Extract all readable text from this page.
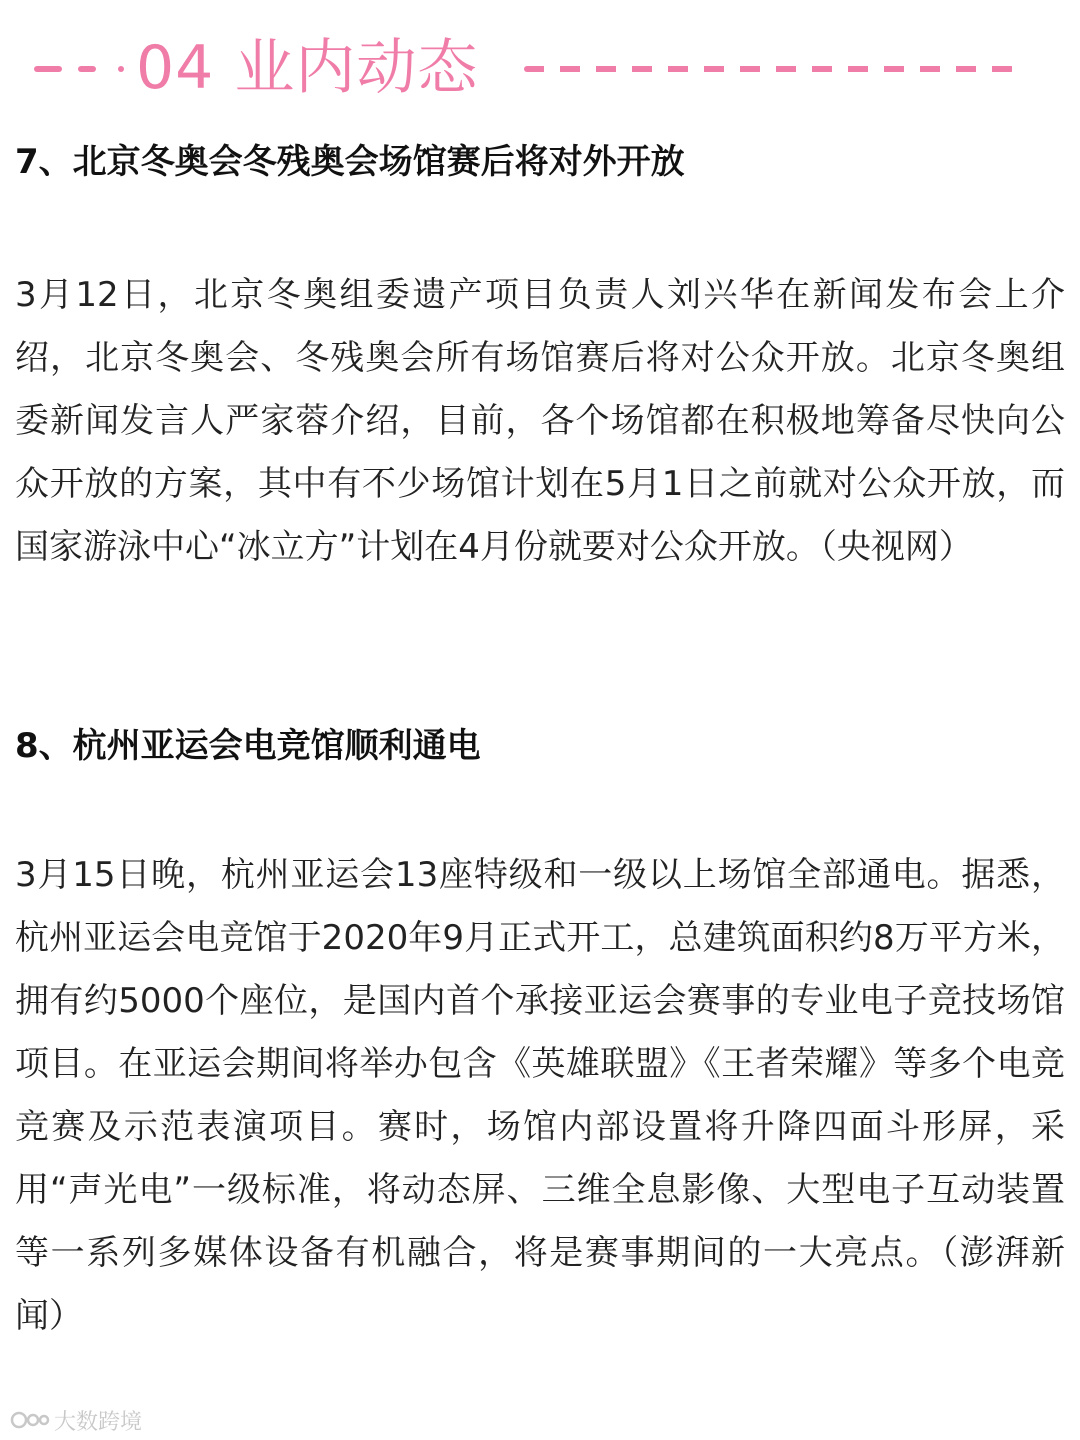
04 业内动态
7、北京冬奥会冬残奥会场馆赛后将对外开放

3月12日，北京冬奥组委遗产项目负责人刘兴华在新闻发布会上介绍，北京冬奥会、冬残奥会所有场馆赛后将对公众开放。北京冬奥组委新闻发言人严家蓉介绍，目前，各个场馆都在积极地筹备尽快向公众开放的方案，其中有不少场馆计划在5月1日之前就对公众开放，而国家游泳中心“冰立方”计划在4月份就要对公众开放。（央视网）

8、杭州亚运会电竞馆顺利通电

3月15日晚，杭州亚运会13座特级和一级以上场馆全部通电。据悉，杭州亚运会电竞馆于2020年9月正式开工，总建筑面积约8万平方米，拥有约5000个座位，是国内首个承接亚运会赛事的专业电子竞技场馆项目。在亚运会期间将举办包含《英雄联盟》《王者荣耀》等多个电竞竞赛及示范表演项目。赛时，场馆内部设置将升降四面斗形屏，采用“声光电”一级标准，将动态屏、三维全息影像、大型电子互动装置等一系列多媒体设备有机融合，将是赛事期间的一大亮点。（澎湃新闻）

大数跨境
